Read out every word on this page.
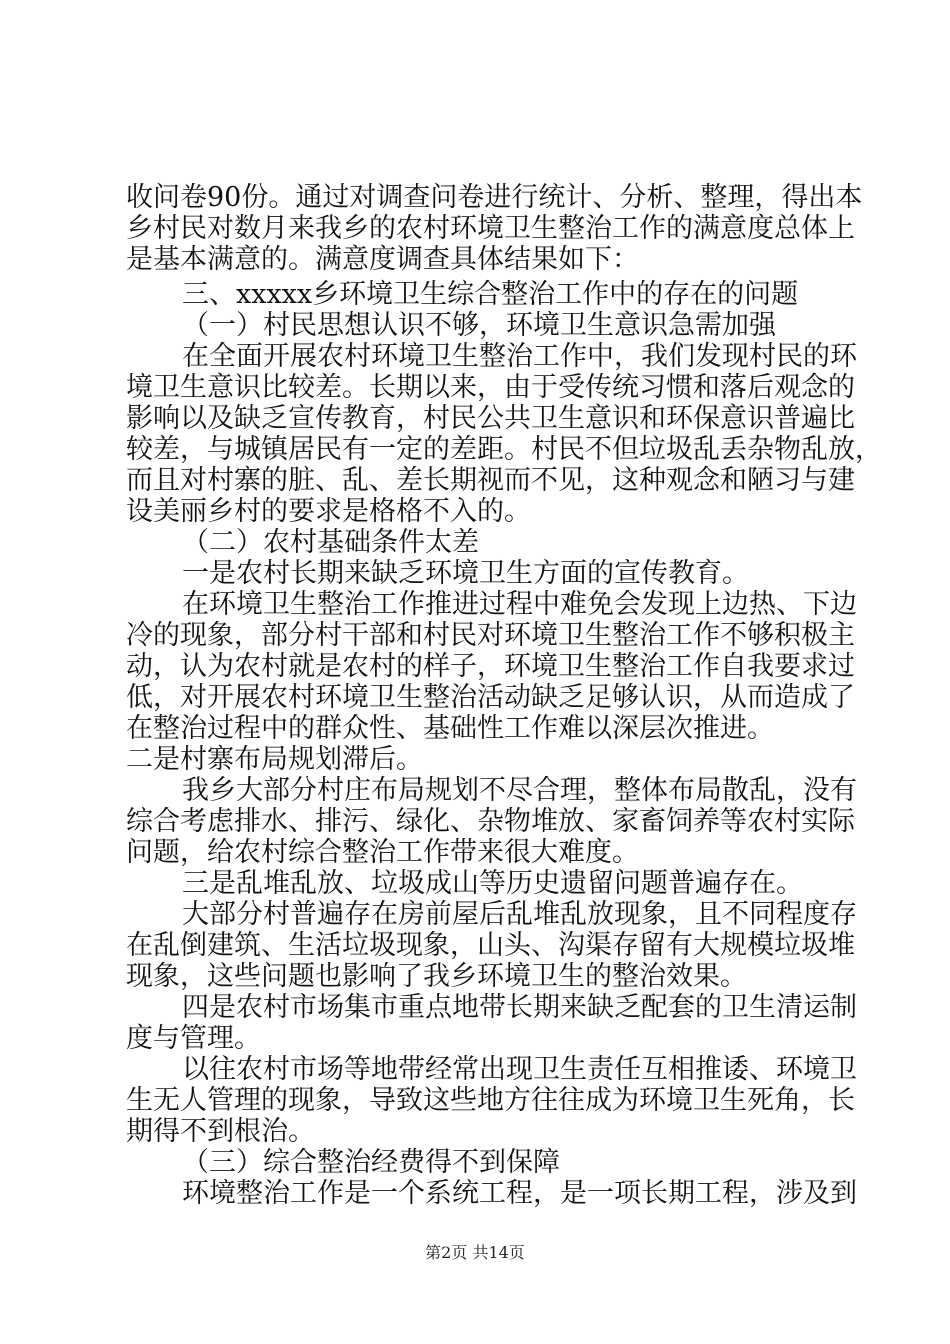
收问卷90份。通过对调查问卷进行统计、分析、整理，得出本
乡村民对数月来我乡的农村环境卫生整治工作的满意度总体上
是基本满意的。满意度调查具体结果如下：
三、xxxxx乡环境卫生综合整治工作中的存在的问题
（一）村民思想认识不够，环境卫生意识急需加强
在全面开展农村环境卫生整治工作中，我们发现村民的环
境卫生意识比较差。长期以来，由于受传统习惯和落后观念的
影响以及缺乏宣传教育，村民公共卫生意识和环保意识普遍比
较差，与城镇居民有一定的差距。村民不但垃圾乱丢杂物乱放，
而且对村寨的脏、乱、差长期视而不见，这种观念和陋习与建
设美丽乡村的要求是格格不入的。
（二）农村基础条件太差
一是农村长期来缺乏环境卫生方面的宣传教育。
在环境卫生整治工作推进过程中难免会发现上边热、下边
冷的现象，部分村干部和村民对环境卫生整治工作不够积极主
动，认为农村就是农村的样子，环境卫生整治工作自我要求过
低，对开展农村环境卫生整治活动缺乏足够认识，从而造成了
在整治过程中的群众性、基础性工作难以深层次推进。
二是村寨布局规划滞后。
我乡大部分村庄布局规划不尽合理，整体布局散乱，没有
综合考虑排水、排污、绿化、杂物堆放、家畜饲养等农村实际
问题，给农村综合整治工作带来很大难度。
三是乱堆乱放、垃圾成山等历史遗留问题普遍存在。
大部分村普遍存在房前屋后乱堆乱放现象，且不同程度存
在乱倒建筑、生活垃圾现象，山头、沟渠存留有大规模垃圾堆
现象，这些问题也影响了我乡环境卫生的整治效果。
四是农村市场集市重点地带长期来缺乏配套的卫生清运制
度与管理。
以往农村市场等地带经常出现卫生责任互相推诿、环境卫
生无人管理的现象，导致这些地方往往成为环境卫生死角，长
期得不到根治。
（三）综合整治经费得不到保障
环境整治工作是一个系统工程，是一项长期工程，涉及到
第2页 共14页
